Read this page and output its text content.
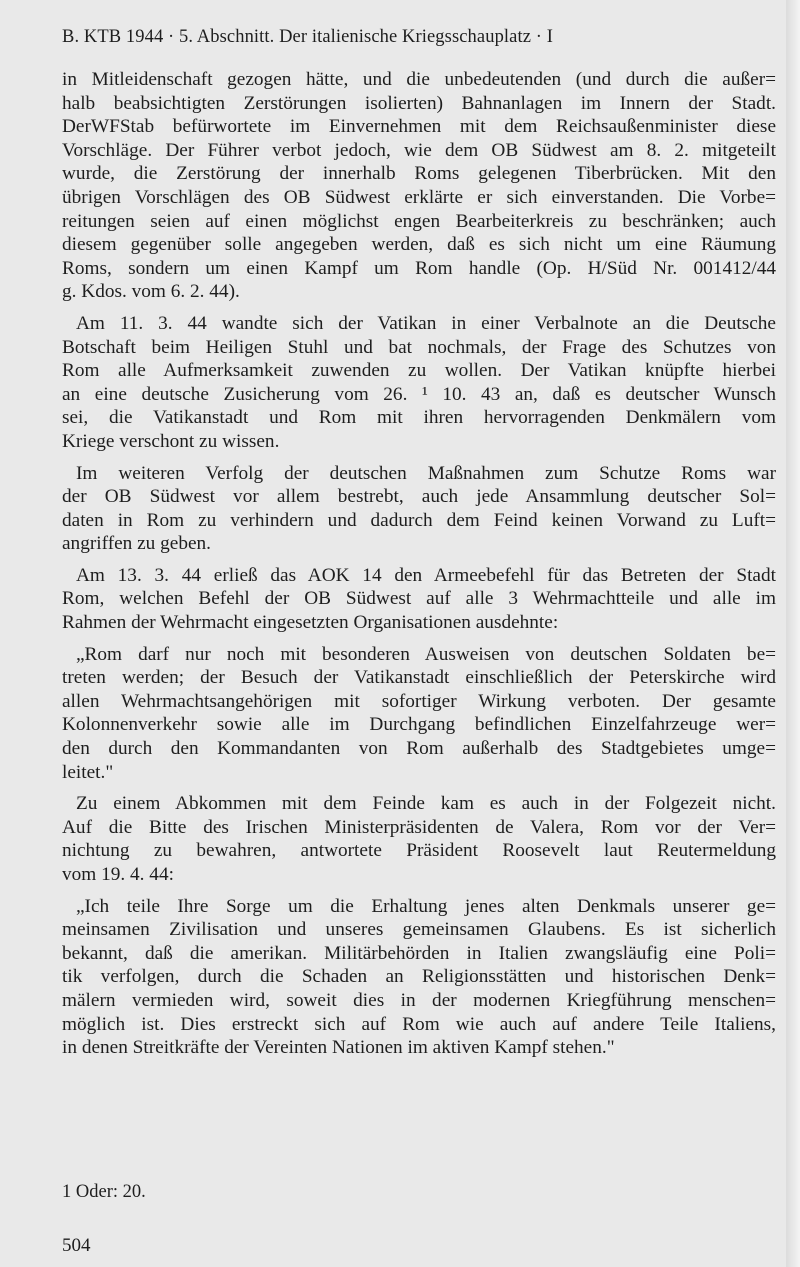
B. KTB 1944 · 5. Abschnitt. Der italienische Kriegsschauplatz · I
in Mitleidenschaft gezogen hätte, und die unbedeutenden (und durch die außer=
halb beabsichtigten Zerstörungen isolierten) Bahnanlagen im Innern der Stadt.
DerWFStab befürwortete im Einvernehmen mit dem Reichsaußenminister diese
Vorschläge. Der Führer verbot jedoch, wie dem OB Südwest am 8. 2. mitgeteilt
wurde, die Zerstörung der innerhalb Roms gelegenen Tiberbrücken. Mit den
übrigen Vorschlägen des OB Südwest erklärte er sich einverstanden. Die Vorbe=
reitungen seien auf einen möglichst engen Bearbeiterkreis zu beschränken; auch
diesem gegenüber solle angegeben werden, daß es sich nicht um eine Räumung
Roms, sondern um einen Kampf um Rom handle (Op. H/Süd Nr. 001412/44
g. Kdos. vom 6. 2. 44).
Am 11. 3. 44 wandte sich der Vatikan in einer Verbalnote an die Deutsche
Botschaft beim Heiligen Stuhl und bat nochmals, der Frage des Schutzes von
Rom alle Aufmerksamkeit zuwenden zu wollen. Der Vatikan knüpfte hierbei
an eine deutsche Zusicherung vom 26. ¹ 10. 43 an, daß es deutscher Wunsch
sei, die Vatikanstadt und Rom mit ihren hervorragenden Denkmälern vom
Kriege verschont zu wissen.
Im weiteren Verfolg der deutschen Maßnahmen zum Schutze Roms war
der OB Südwest vor allem bestrebt, auch jede Ansammlung deutscher Sol=
daten in Rom zu verhindern und dadurch dem Feind keinen Vorwand zu Luft=
angriffen zu geben.
Am 13. 3. 44 erließ das AOK 14 den Armeebefehl für das Betreten der Stadt
Rom, welchen Befehl der OB Südwest auf alle 3 Wehrmachtteile und alle im
Rahmen der Wehrmacht eingesetzten Organisationen ausdehnte:
„Rom darf nur noch mit besonderen Ausweisen von deutschen Soldaten be=
treten werden; der Besuch der Vatikanstadt einschließlich der Peterskirche wird
allen Wehrmachtsangehörigen mit sofortiger Wirkung verboten. Der gesamte
Kolonnenverkehr sowie alle im Durchgang befindlichen Einzelfahrzeuge wer=
den durch den Kommandanten von Rom außerhalb des Stadtgebietes umge=
leitet."
Zu einem Abkommen mit dem Feinde kam es auch in der Folgezeit nicht.
Auf die Bitte des Irischen Ministerpräsidenten de Valera, Rom vor der Ver=
nichtung zu bewahren, antwortete Präsident Roosevelt laut Reutermeldung
vom 19. 4. 44:
„Ich teile Ihre Sorge um die Erhaltung jenes alten Denkmals unserer ge=
meinsamen Zivilisation und unseres gemeinsamen Glaubens. Es ist sicherlich
bekannt, daß die amerikan. Militärbehörden in Italien zwangsläufig eine Poli=
tik verfolgen, durch die Schaden an Religionsstätten und historischen Denk=
mälern vermieden wird, soweit dies in der modernen Kriegführung menschen=
möglich ist. Dies erstreckt sich auf Rom wie auch auf andere Teile Italiens,
in denen Streitkräfte der Vereinten Nationen im aktiven Kampf stehen."
1 Oder: 20.
504
